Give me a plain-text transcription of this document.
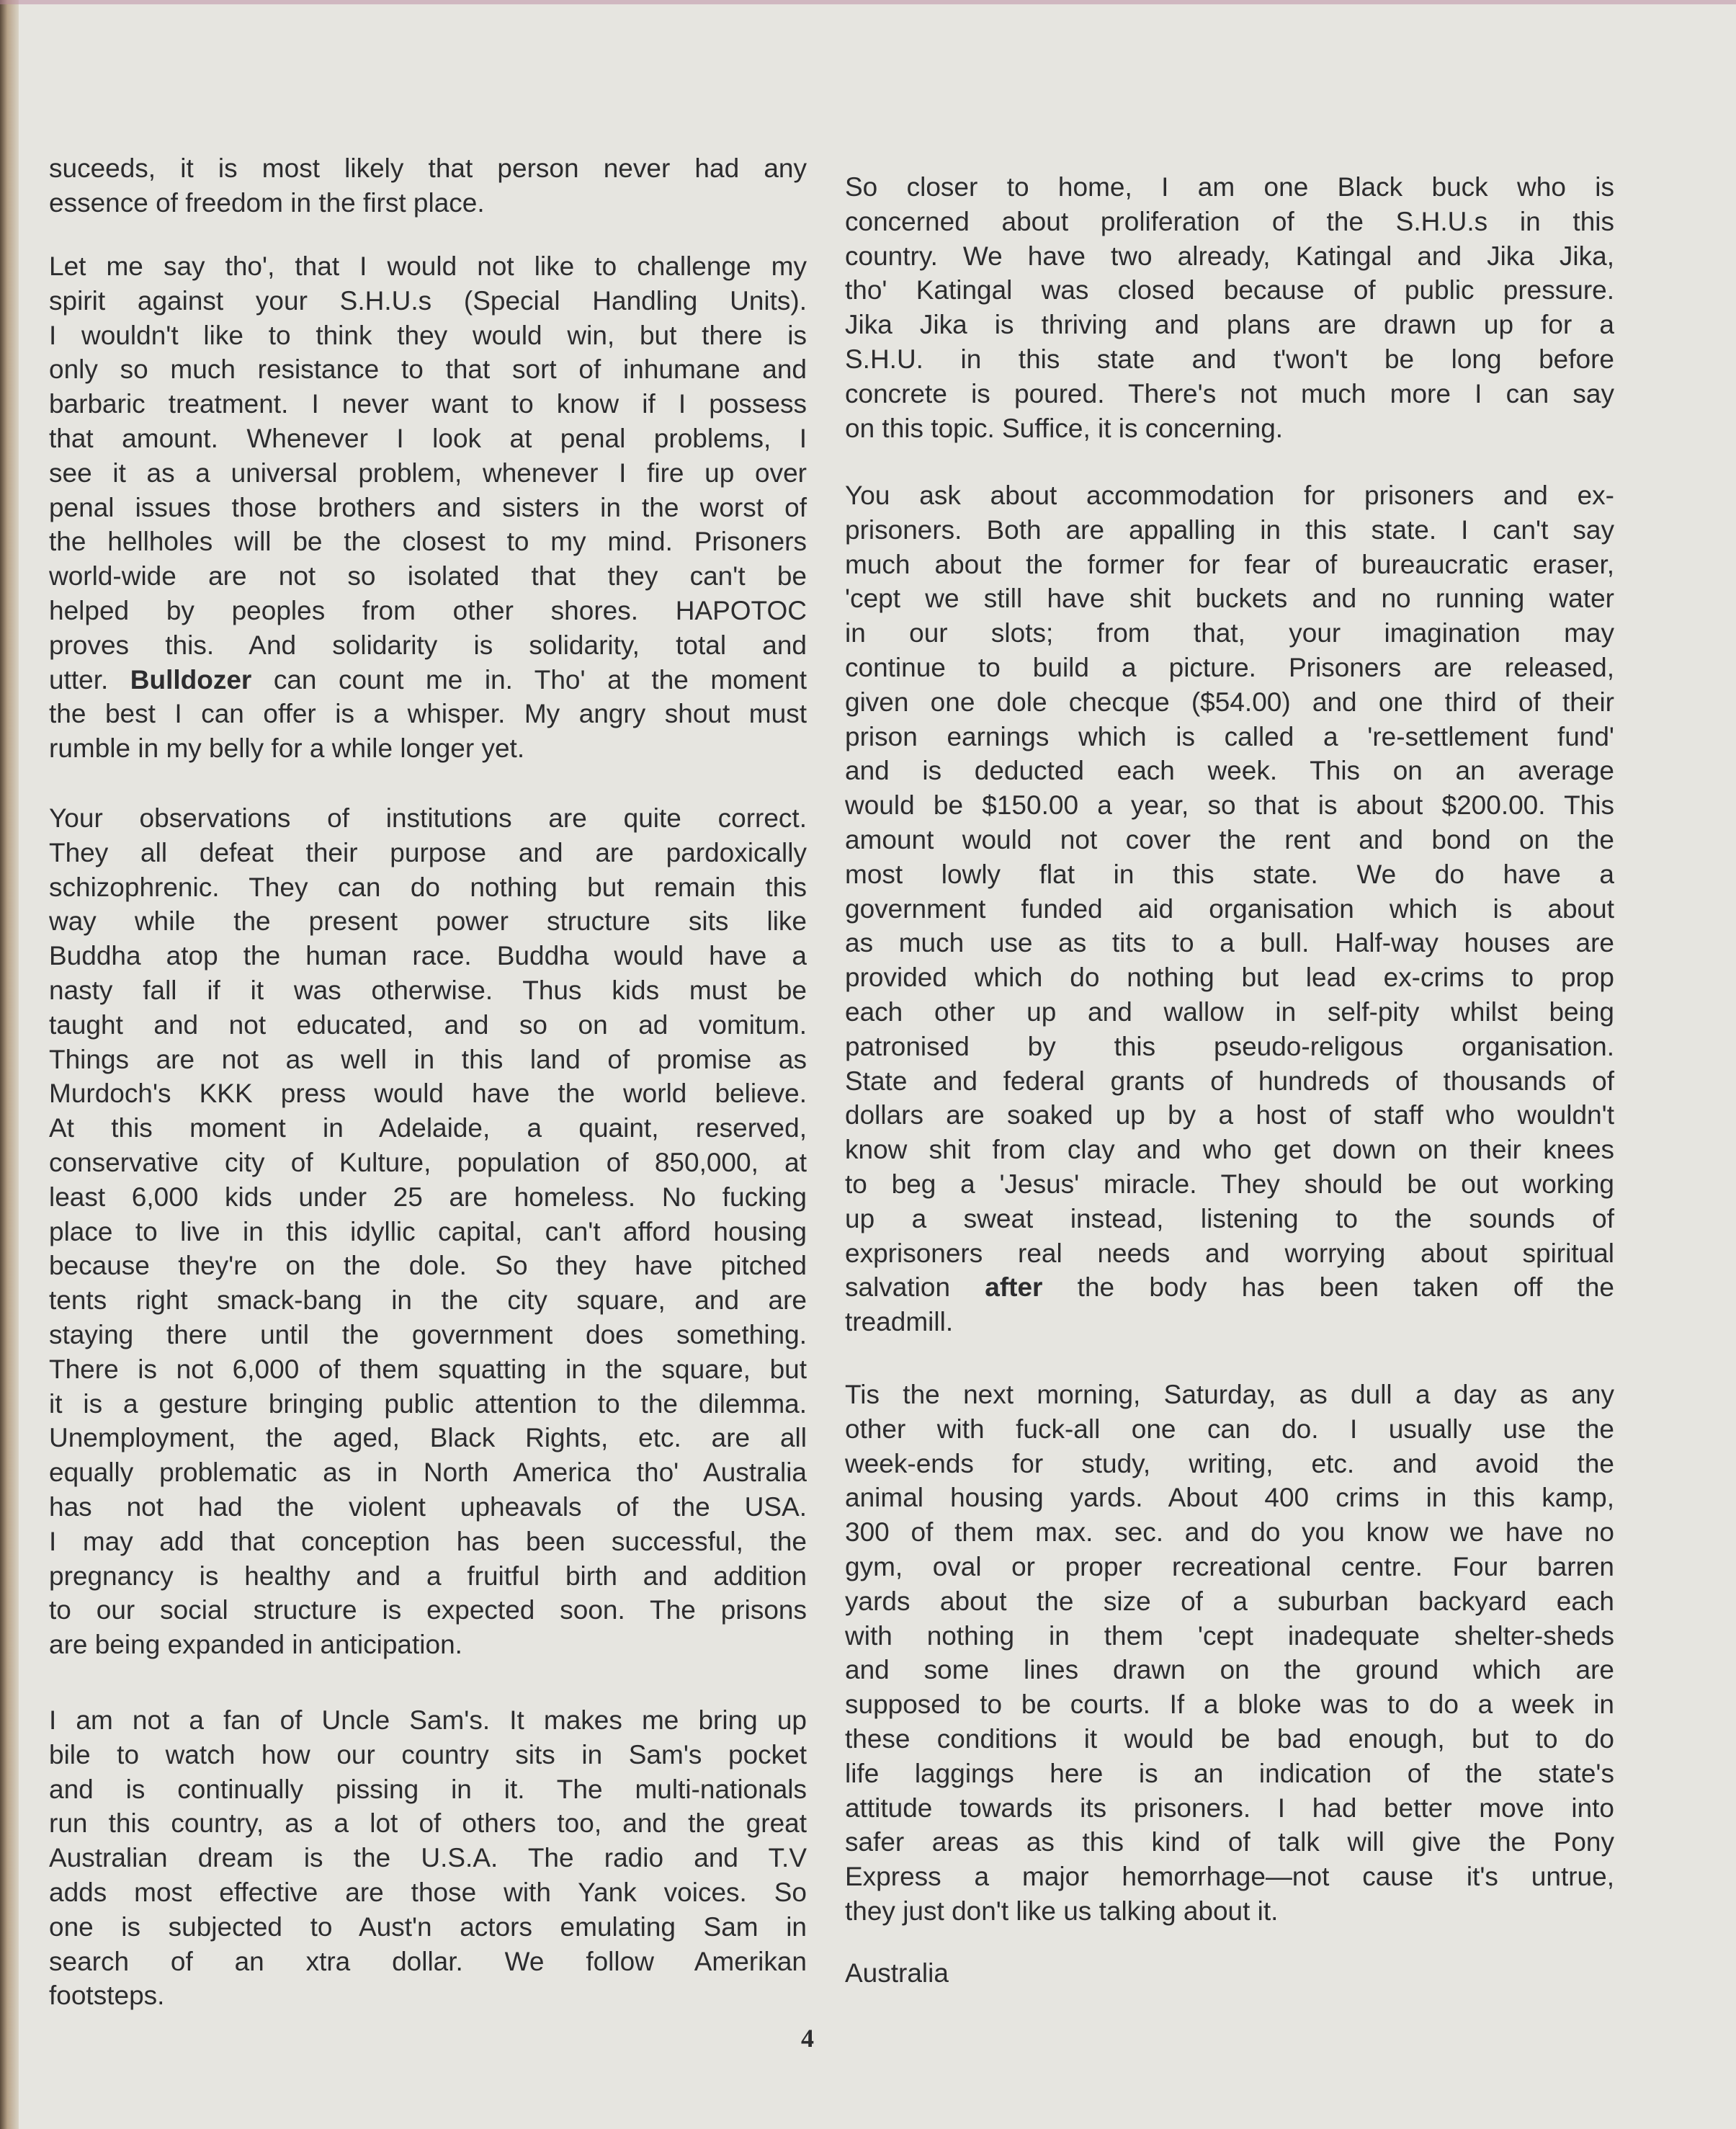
suceeds, it is most likely that person never had any
essence of freedom in the first place.
Let me say tho', that I would not like to challenge my
spirit against your S.H.U.s (Special Handling Units).
I wouldn't like to think they would win, but there is
only so much resistance to that sort of inhumane and
barbaric treatment. I never want to know if I possess
that amount. Whenever I look at penal problems, I
see it as a universal problem, whenever I fire up over
penal issues those brothers and sisters in the worst of
the hellholes will be the closest to my mind. Prisoners
world-wide are not so isolated that they can't be
helped by peoples from other shores. HAPOTOC
proves this. And solidarity is solidarity, total and
utter. Bulldozer can count me in. Tho' at the moment
the best I can offer is a whisper. My angry shout must
rumble in my belly for a while longer yet.
Your observations of institutions are quite correct.
They all defeat their purpose and are pardoxically
schizophrenic. They can do nothing but remain this
way while the present power structure sits like
Buddha atop the human race. Buddha would have a
nasty fall if it was otherwise. Thus kids must be
taught and not educated, and so on ad vomitum.
Things are not as well in this land of promise as
Murdoch's KKK press would have the world believe.
At this moment in Adelaide, a quaint, reserved,
conservative city of Kulture, population of 850,000, at
least 6,000 kids under 25 are homeless. No fucking
place to live in this idyllic capital, can't afford housing
because they're on the dole. So they have pitched
tents right smack-bang in the city square, and are
staying there until the government does something.
There is not 6,000 of them squatting in the square, but
it is a gesture bringing public attention to the dilemma.
Unemployment, the aged, Black Rights, etc. are all
equally problematic as in North America tho' Australia
has not had the violent upheavals of the USA.
I may add that conception has been successful, the
pregnancy is healthy and a fruitful birth and addition
to our social structure is expected soon. The prisons
are being expanded in anticipation.
I am not a fan of Uncle Sam's. It makes me bring up
bile to watch how our country sits in Sam's pocket
and is continually pissing in it. The multi-nationals
run this country, as a lot of others too, and the great
Australian dream is the U.S.A. The radio and T.V
adds most effective are those with Yank voices. So
one is subjected to Aust'n actors emulating Sam in
search of an xtra dollar. We follow Amerikan
footsteps.
So closer to home, I am one Black buck who is
concerned about proliferation of the S.H.U.s in this
country. We have two already, Katingal and Jika Jika,
tho' Katingal was closed because of public pressure.
Jika Jika is thriving and plans are drawn up for a
S.H.U. in this state and t'won't be long before
concrete is poured. There's not much more I can say
on this topic. Suffice, it is concerning.
You ask about accommodation for prisoners and ex-
prisoners. Both are appalling in this state. I can't say
much about the former for fear of bureaucratic eraser,
'cept we still have shit buckets and no running water
in our slots; from that, your imagination may
continue to build a picture. Prisoners are released,
given one dole checque ($54.00) and one third of their
prison earnings which is called a 're-settlement fund'
and is deducted each week. This on an average
would be $150.00 a year, so that is about $200.00. This
amount would not cover the rent and bond on the
most lowly flat in this state. We do have a
government funded aid organisation which is about
as much use as tits to a bull. Half-way houses are
provided which do nothing but lead ex-crims to prop
each other up and wallow in self-pity whilst being
patronised by this pseudo-religous organisation.
State and federal grants of hundreds of thousands of
dollars are soaked up by a host of staff who wouldn't
know shit from clay and who get down on their knees
to beg a 'Jesus' miracle. They should be out working
up a sweat instead, listening to the sounds of
exprisoners real needs and worrying about spiritual
salvation after the body has been taken off the
treadmill.
Tis the next morning, Saturday, as dull a day as any
other with fuck-all one can do. I usually use the
week-ends for study, writing, etc. and avoid the
animal housing yards. About 400 crims in this kamp,
300 of them max. sec. and do you know we have no
gym, oval or proper recreational centre. Four barren
yards about the size of a suburban backyard each
with nothing in them 'cept inadequate shelter-sheds
and some lines drawn on the ground which are
supposed to be courts. If a bloke was to do a week in
these conditions it would be bad enough, but to do
life laggings here is an indication of the state's
attitude towards its prisoners. I had better move into
safer areas as this kind of talk will give the Pony
Express a major hemorrhage—not cause it's untrue,
they just don't like us talking about it.
Australia
4
